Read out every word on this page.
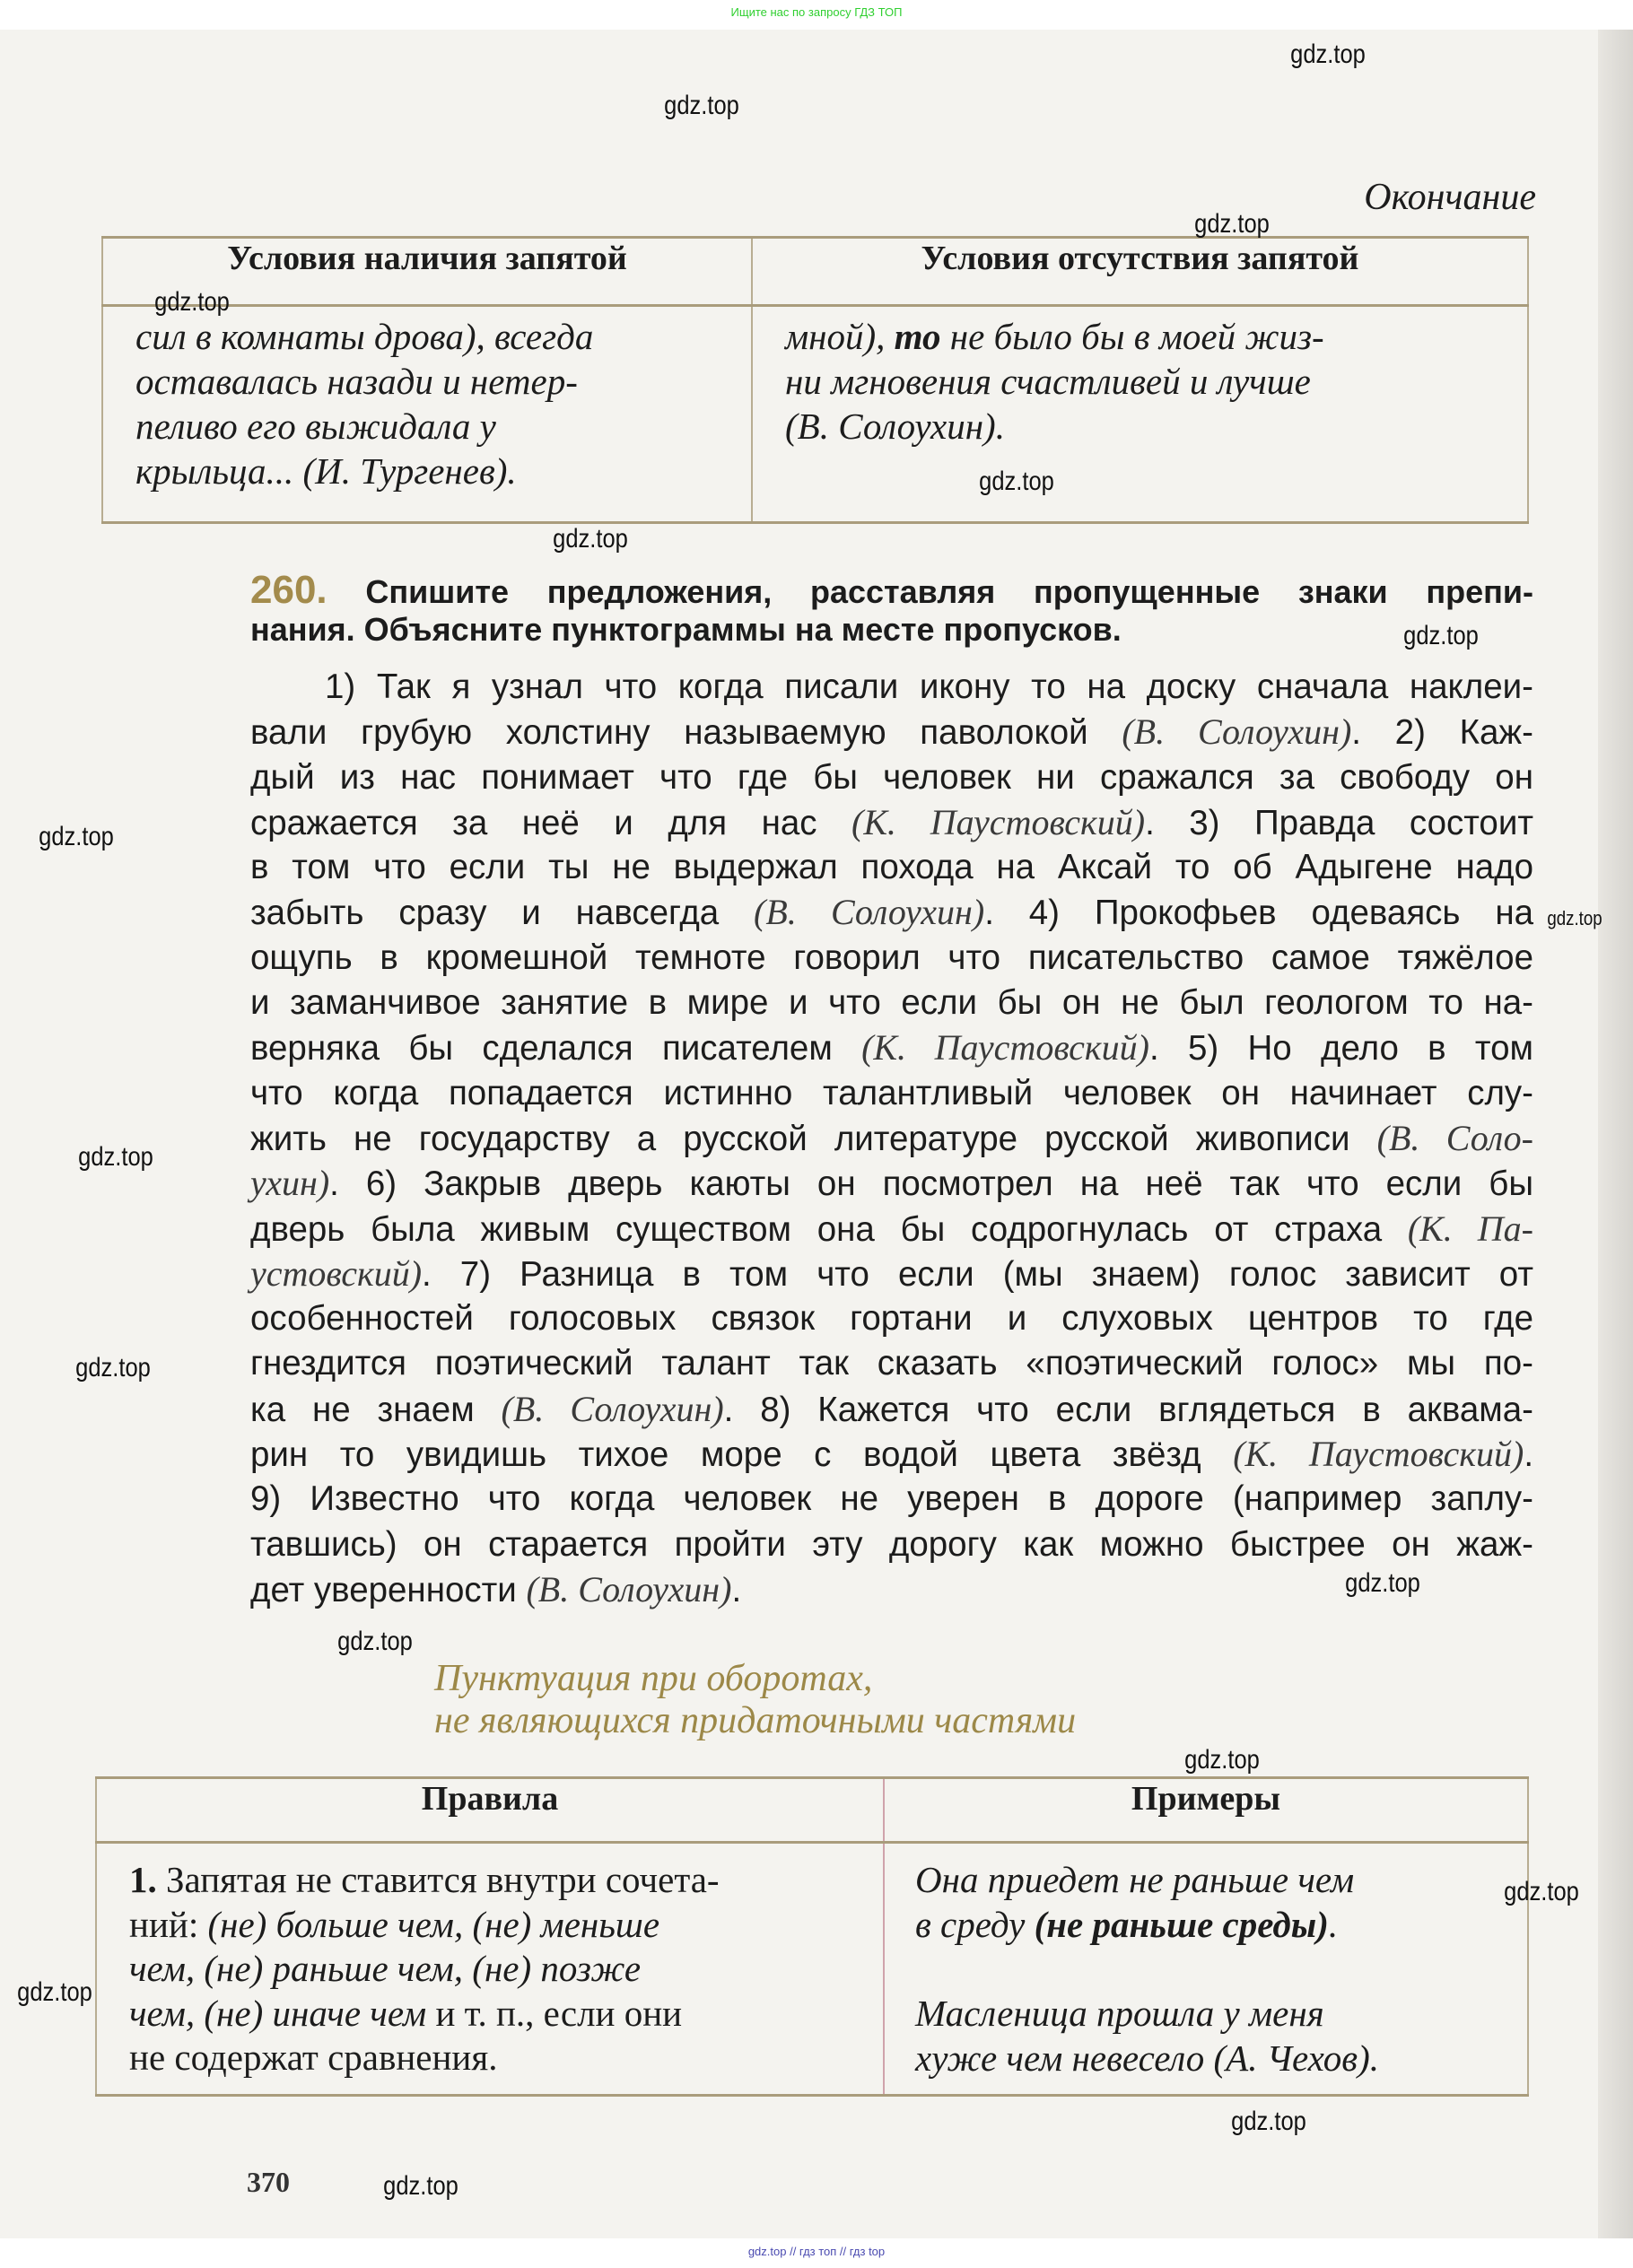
Ищите нас по запросу ГДЗ ТОП
Окончание
Условия наличия запятой	Условия отсутствия запятой

сил в комнаты дрова), всегда
оставалась назади и нетер-
пеливо его выжидала у
крыльца... (И. Тургенев).	мной), то не было бы в моей жиз-
ни мгновения счастливей и лучше
(В. Солоухин).
260. Спишите предложения, расставляя пропущенные знаки препи-
нания. Объясните пунктограммы на месте пропусков.
1) Так я узнал что когда писали икону то на доску сначала наклеи-
вали грубую холстину называемую паволокой (В. Солоухин). 2) Каж-
дый из нас понимает что где бы человек ни сражался за свободу он
сражается за неё и для нас (К. Паустовский). 3) Правда состоит
в том что если ты не выдержал похода на Аксай то об Адыгене надо
забыть сразу и навсегда (В. Солоухин). 4) Прокофьев одеваясь на
ощупь в кромешной темноте говорил что писательство самое тяжёлое
и заманчивое занятие в мире и что если бы он не был геологом то на-
верняка бы сделался писателем (К. Паустовский). 5) Но дело в том
что когда попадается истинно талантливый человек он начинает слу-
жить не государству а русской литературе русской живописи (В. Соло-
ухин). 6) Закрыв дверь каюты он посмотрел на неё так что если бы
дверь была живым существом она бы содрогнулась от страха (К. Па-
устовский). 7) Разница в том что если (мы знаем) голос зависит от
особенностей голосовых связок гортани и слуховых центров то где
гнездится поэтический талант так сказать «поэтический голос» мы по-
ка не знаем (В. Солоухин). 8) Кажется что если вглядеться в аквама-
рин то увидишь тихое море с водой цвета звёзд (К. Паустовский).
9) Известно что когда человек не уверен в дороге (например заплу-
тавшись) он старается пройти эту дорогу как можно быстрее он жаж-
дет уверенности (В. Солоухин).
Пунктуация при оборотах,
не являющихся придаточными частями
Правила	Примеры

1. Запятая не ставится внутри сочета-
ний: (не) больше чем, (не) меньше
чем, (не) раньше чем, (не) позже
чем, (не) иначе чем и т. п., если они
не содержат сравнения.	Она приедет не раньше чем
в среду (не раньше среды).
Масленица прошла у меня
хуже чем невесело (А. Чехов).
370
gdz.top
gdz.top
gdz.top
gdz.top
gdz.top
gdz.top
gdz.top
gdz.top
gdz.top
gdz.top
gdz.top
gdz.top
gdz.top
gdz.top
gdz.top
gdz.top
gdz.top
gdz.top
gdz.top // гдз топ // гдз top
